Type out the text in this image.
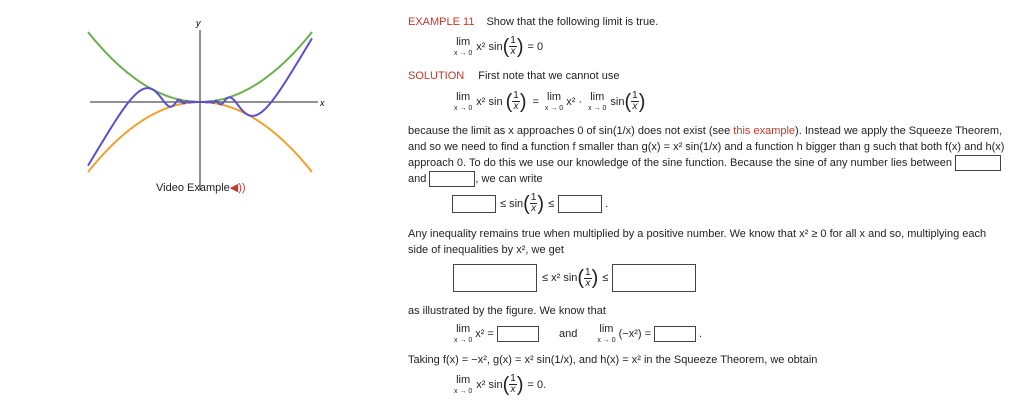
y
x
Video Example◀))
EXAMPLE 11 Show that the following limit is true.
lim
x → 0
x² sin ( $\frac{1}{x}$ ) = 0
SOLUTION First note that we cannot use
lim
x → 0
x² sin ( $\frac{1}{x}$ ) = lim
x → 0
x² · lim
x → 0
sin ( $\frac{1}{x}$ )

because the limit as x approaches 0 of sin(1/x) does not exist (see this example). Instead we apply the Squeeze Theorem, and so we need to find a function f smaller than g(x) = x² sin(1/x) and a function h bigger than g such that both f(x) and h(x) approach 0. To do this we use our knowledge of the sine function. Because the sine of any number lies between  and	, we can write

≤ sin ( $\frac{1}{x}$ ) ≤	.

Any inequality remains true when multiplied by a positive number. We know that x² ≥ 0 for all x and so, multiplying each side of inequalities by x², we get

≤ x² sin ( $\frac{1}{x}$ ) ≤

as illustrated by the figure. We know that

lim
x → 0
x² =	and lim
x → 0
(−x²) =	.

Taking f(x) = −x², g(x) = x² sin(1/x), and h(x) = x² in the Squeeze Theorem, we obtain

lim
x → 0
x² sin ( $\frac{1}{x}$ ) = 0.
